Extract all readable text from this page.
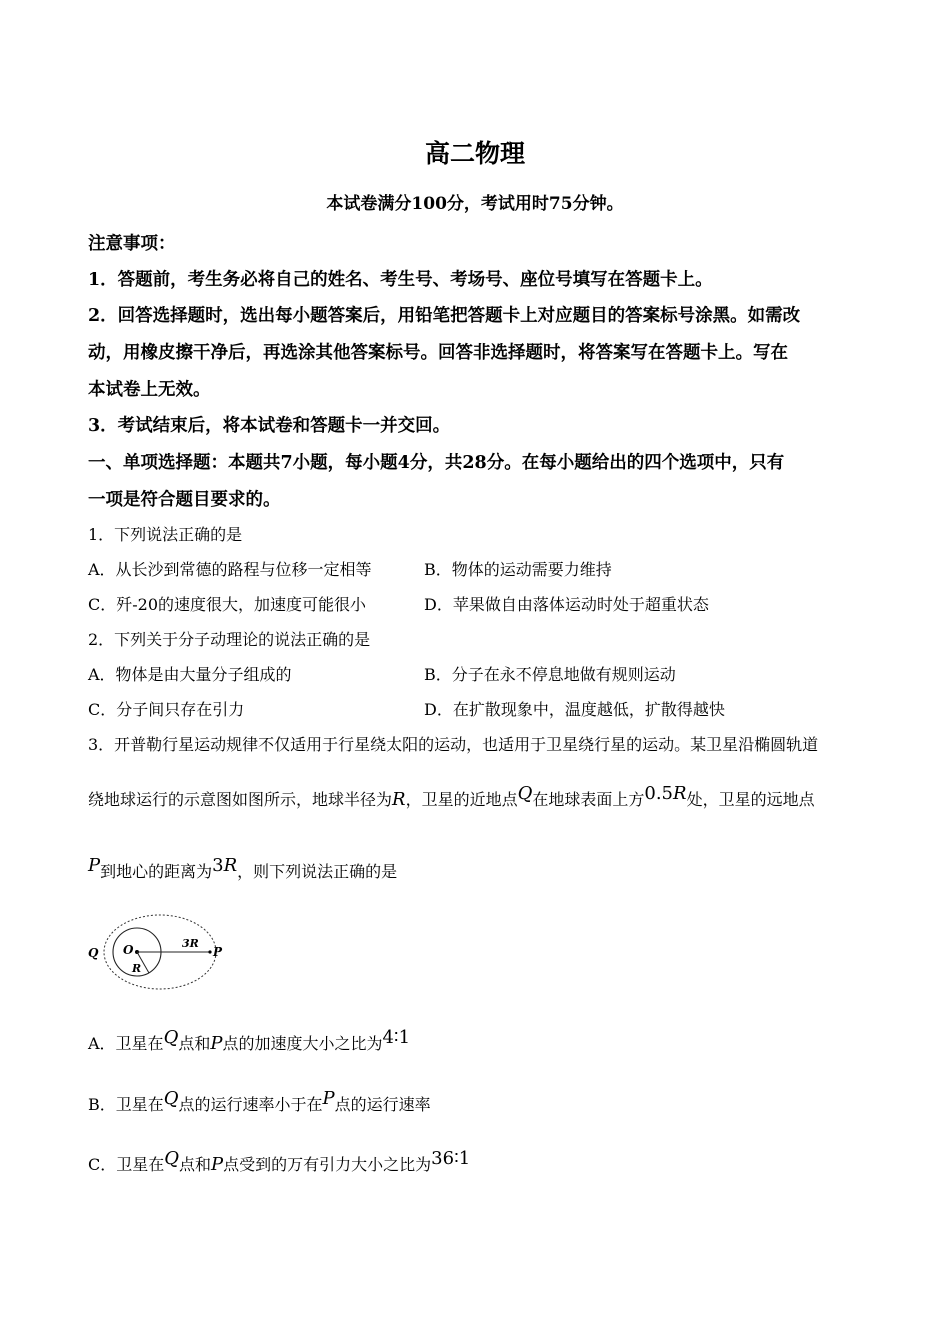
高二物理
本试卷满分100分，考试用时75分钟。
注意事项：
1．答题前，考生务必将自己的姓名、考生号、考场号、座位号填写在答题卡上。
2．回答选择题时，选出每小题答案后，用铅笔把答题卡上对应题目的答案标号涂黑。如需改
动，用橡皮擦干净后，再选涂其他答案标号。回答非选择题时，将答案写在答题卡上。写在
本试卷上无效。
3．考试结束后，将本试卷和答题卡一并交回。
一、单项选择题：本题共7小题，每小题4分，共28分。在每小题给出的四个选项中，只有
一项是符合题目要求的。
1．下列说法正确的是
A．从长沙到常德的路程与位移一定相等	B．物体的运动需要力维持
C．歼-20的速度很大，加速度可能很小	D．苹果做自由落体运动时处于超重状态
2．下列关于分子动理论的说法正确的是
A．物体是由大量分子组成的	B．分子在永不停息地做有规则运动
C．分子间只存在引力	D．在扩散现象中，温度越低，扩散得越快
3．开普勒行星运动规律不仅适用于行星绕太阳的运动，也适用于卫星绕行星的运动。某卫星沿椭圆轨道
绕地球运行的示意图如图所示，地球半径为R，卫星的近地点Q在地球表面上方0.5R处，卫星的远地点
P到地心的距离为3R，则下列说法正确的是
Q O
R
3R
P
A．卫星在Q点和P点的加速度大小之比为4∶1
B．卫星在Q点的运行速率小于在P点的运行速率
C．卫星在Q点和P点受到的万有引力大小之比为36∶1
